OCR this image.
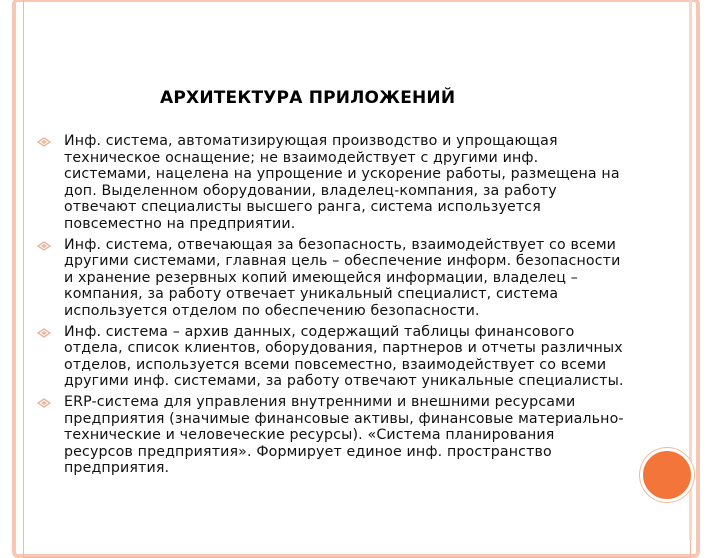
АРХИТЕКТУРА ПРИЛОЖЕНИЙ
Инф. система, автоматизирующая производство и упрощающая техническое оснащение; не взаимодействует с другими инф. системами, нацелена на упрощение и ускорение работы, размещена на доп. Выделенном оборудовании, владелец-компания, за работу отвечают специалисты высшего ранга, система используется повсеместно на предприятии.
Инф. система, отвечающая за безопасность, взаимодействует со всеми другими системами, главная цель – обеспечение информ. безопасности и хранение резервных копий имеющейся информации, владелец – компания, за работу отвечает уникальный специалист, система используется отделом по обеспечению безопасности.
Инф. система – архив данных, содержащий таблицы финансового отдела, список клиентов, оборудования, партнеров и отчеты различных отделов, используется всеми повсеместно, взаимодействует со всеми другими инф. системами, за работу отвечают уникальные специалисты.
ERP-система для управления внутренними и внешними ресурсами предприятия (значимые финансовые активы, финансовые материально-технические и человеческие ресурсы). «Система планирования ресурсов предприятия». Формирует единое инф. пространство предприятия.
